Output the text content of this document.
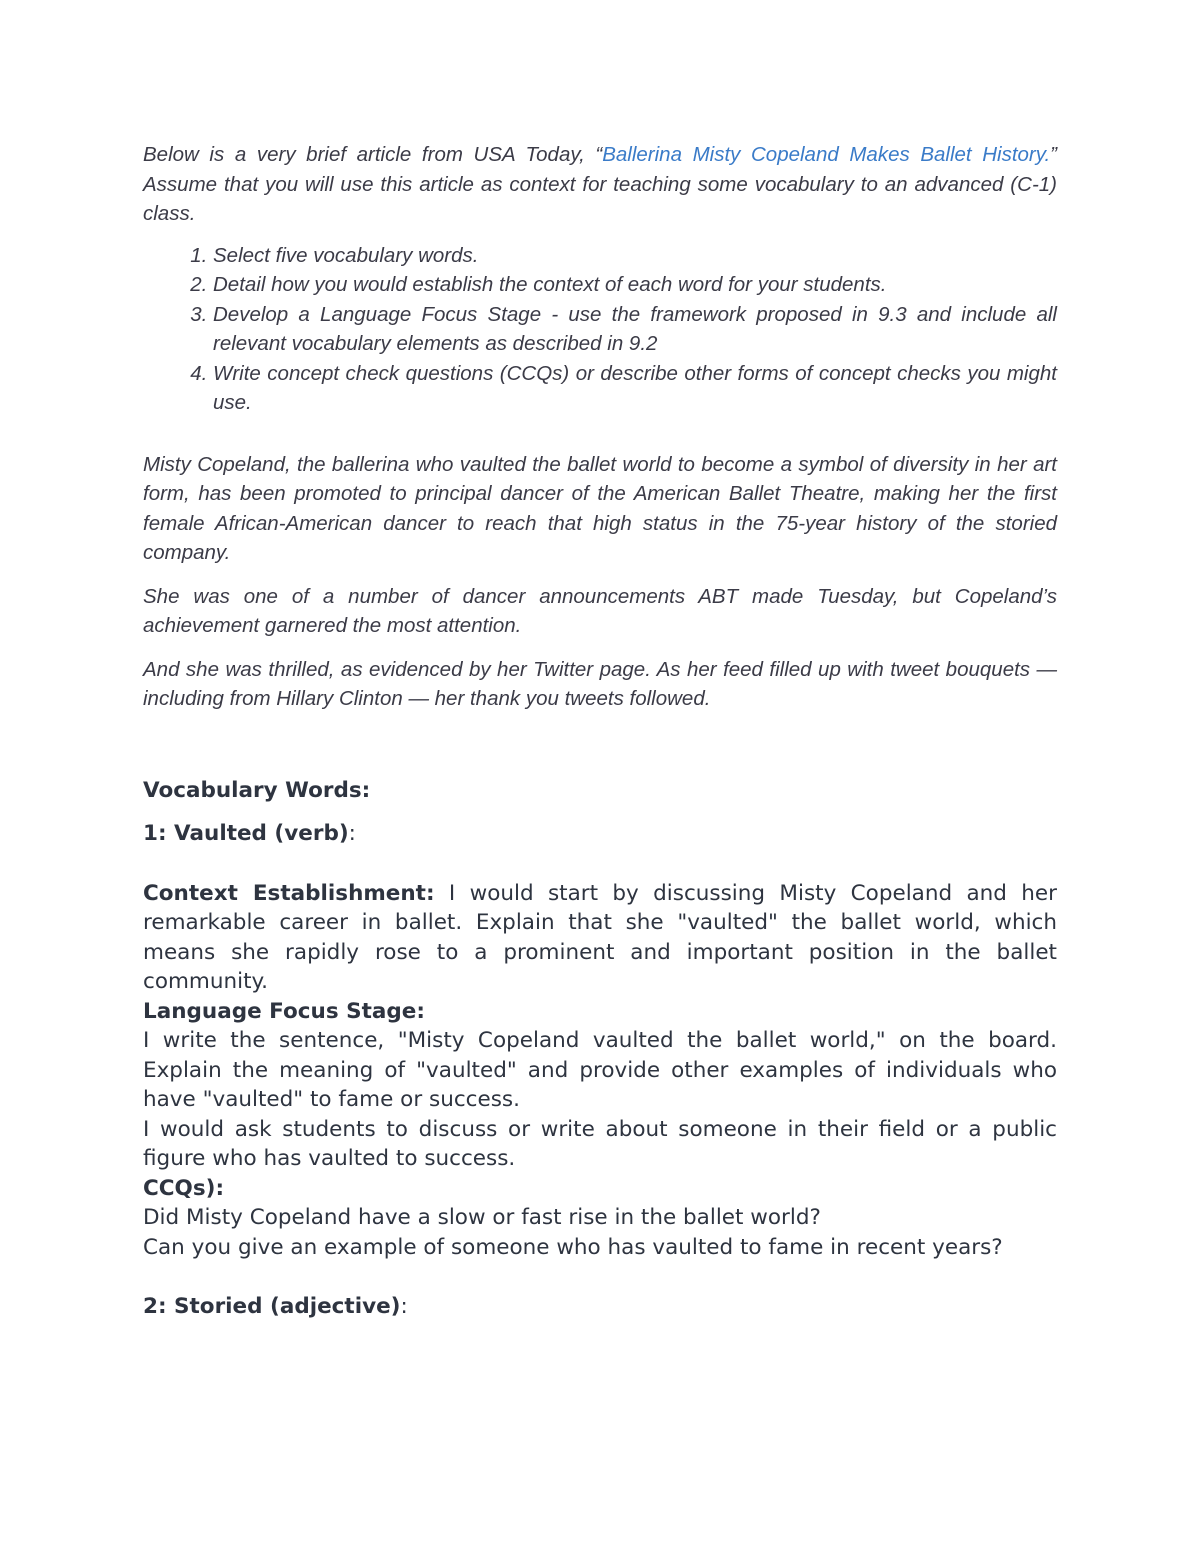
Below is a very brief article from USA Today, “Ballerina Misty Copeland Makes Ballet History.” Assume that you will use this article as context for teaching some vocabulary to an advanced (C-1) class.

1. Select five vocabulary words.
2. Detail how you would establish the context of each word for your students.
3. Develop a Language Focus Stage - use the framework proposed in 9.3 and include all relevant vocabulary elements as described in 9.2
4. Write concept check questions (CCQs) or describe other forms of concept checks you might use.

Misty Copeland, the ballerina who vaulted the ballet world to become a symbol of diversity in her art form, has been promoted to principal dancer of the American Ballet Theatre, making her the first female African-American dancer to reach that high status in the 75-year history of the storied company.

She was one of a number of dancer announcements ABT made Tuesday, but Copeland’s achievement garnered the most attention.

And she was thrilled, as evidenced by her Twitter page. As her feed filled up with tweet bouquets — including from Hillary Clinton — her thank you tweets followed.

Vocabulary Words:

1: Vaulted (verb):

Context Establishment: I would start by discussing Misty Copeland and her remarkable career in ballet. Explain that she "vaulted" the ballet world, which means she rapidly rose to a prominent and important position in the ballet community.

Language Focus Stage:

I write the sentence, "Misty Copeland vaulted the ballet world," on the board. Explain the meaning of "vaulted" and provide other examples of individuals who have "vaulted" to fame or success.

I would ask students to discuss or write about someone in their field or a public figure who has vaulted to success.

CCQs):

Did Misty Copeland have a slow or fast rise in the ballet world?

Can you give an example of someone who has vaulted to fame in recent years?

2: Storied (adjective):
